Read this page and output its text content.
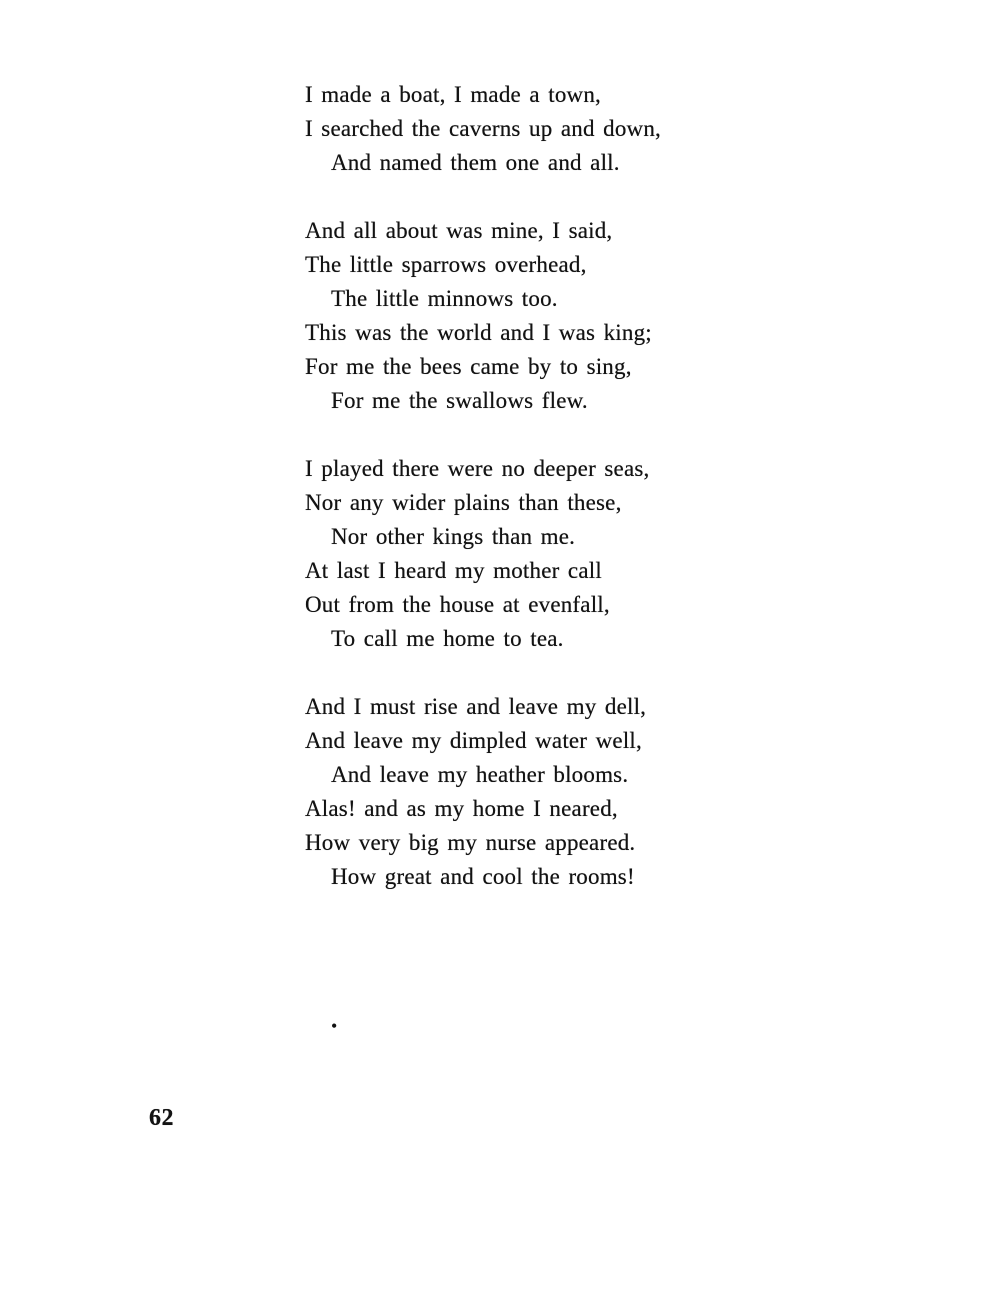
I made a boat, I made a town,
I searched the caverns up and down,
And named them one and all.
And all about was mine, I said,
The little sparrows overhead,
The little minnows too.
This was the world and I was king;
For me the bees came by to sing,
For me the swallows flew.
I played there were no deeper seas,
Nor any wider plains than these,
Nor other kings than me.
At last I heard my mother call
Out from the house at evenfall,
To call me home to tea.
And I must rise and leave my dell,
And leave my dimpled water well,
And leave my heather blooms.
Alas! and as my home I neared,
How very big my nurse appeared.
How great and cool the rooms!
•
62
